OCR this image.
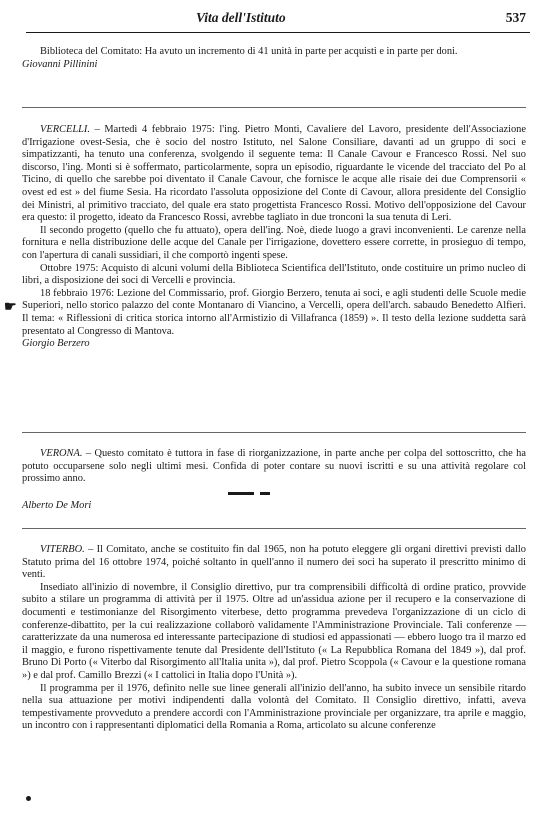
Vita dell'Istituto	537

Biblioteca del Comitato: Ha avuto un incremento di 41 unità in parte per acquisti e in parte per doni.

Giovanni Pillinini

VERCELLI. – Martedì 4 febbraio 1975: l'ing. Pietro Monti, Cavaliere del Lavoro, presidente dell'Associazione d'Irrigazione ovest-Sesia, che è socio del nostro Istituto, nel Salone Consiliare, davanti ad un gruppo di soci e simpatizzanti, ha tenuto una conferenza, svolgendo il seguente tema: Il Canale Cavour e Francesco Rossi. Nel suo discorso, l'ing. Monti si è soffermato, particolarmente, sopra un episodio, riguardante le vicende del tracciato del Po al Ticino, di quello che sarebbe poi diventato il Canale Cavour, che fornisce le acque alle risaie dei due Comprensorii « ovest ed est » del fiume Sesia. Ha ricordato l'assoluta opposizione del Conte di Cavour, allora presidente del Consiglio dei Ministri, al primitivo tracciato, del quale era stato progettista Francesco Rossi. Motivo dell'opposizione del Cavour era questo: il progetto, ideato da Francesco Rossi, avrebbe tagliato in due tronconi la sua tenuta di Leri.

Il secondo progetto (quello che fu attuato), opera dell'ing. Noè, diede luogo a gravi inconvenienti. Le carenze nella fornitura e nella distribuzione delle acque del Canale per l'irrigazione, dovettero essere corrette, in prosieguo di tempo, con l'apertura di canali sussidiari, il che comportò ingenti spese.

Ottobre 1975: Acquisto di alcuni volumi della Biblioteca Scientifica dell'Istituto, onde costituire un primo nucleo di libri, a disposizione dei soci di Vercelli e provincia.

18 febbraio 1976: Lezione del Commissario, prof. Giorgio Berzero, tenuta ai soci, e agli studenti delle Scuole medie Superiori, nello storico palazzo del conte Montanaro di Viancino, a Vercelli, opera dell'arch. sabaudo Benedetto Alfieri. Il tema: « Riflessioni di critica storica intorno all'Armistizio di Villafranca (1859) ». Il testo della lezione suddetta sarà presentato al Congresso di Mantova.

Giorgio Berzero

☛

VERONA. – Questo comitato è tuttora in fase di riorganizzazione, in parte anche per colpa del sottoscritto, che ha potuto occuparsene solo negli ultimi mesi. Confida di poter contare su nuovi iscritti e su una attività regolare col prossimo anno.

Alberto De Mori

VITERBO. – Il Comitato, anche se costituito fin dal 1965, non ha potuto eleggere gli organi direttivi previsti dallo Statuto prima del 16 ottobre 1974, poiché soltanto in quell'anno il numero dei soci ha superato il prescritto minimo di venti.

Insediato all'inizio di novembre, il Consiglio direttivo, pur tra comprensibili difficoltà di ordine pratico, provvide subito a stilare un programma di attività per il 1975. Oltre ad un'assidua azione per il recupero e la conservazione di documenti e testimonianze del Risorgimento viterbese, detto programma prevedeva l'organizzazione di un ciclo di conferenze-dibattito, per la cui realizzazione collaborò validamente l'Amministrazione Provinciale. Tali conferenze — caratterizzate da una numerosa ed interessante partecipazione di studiosi ed appassionati — ebbero luogo tra il marzo ed il maggio, e furono rispettivamente tenute dal Presidente dell'Istituto (« La Repubblica Romana del 1849 »), dal prof. Bruno Di Porto (« Viterbo dal Risorgimento all'Italia unita »), dal prof. Pietro Scoppola (« Cavour e la questione romana ») e dal prof. Camillo Brezzi (« I cattolici in Italia dopo l'Unità »).

Il programma per il 1976, definito nelle sue linee generali all'inizio dell'anno, ha subito invece un sensibile ritardo nella sua attuazione per motivi indipendenti dalla volontà del Comitato. Il Consiglio direttivo, infatti, aveva tempestivamente provveduto a prendere accordi con l'Amministrazione provinciale per organizzare, tra aprile e maggio, un incontro con i rappresentanti diplomatici della Romania a Roma, articolato su alcune conferenze
